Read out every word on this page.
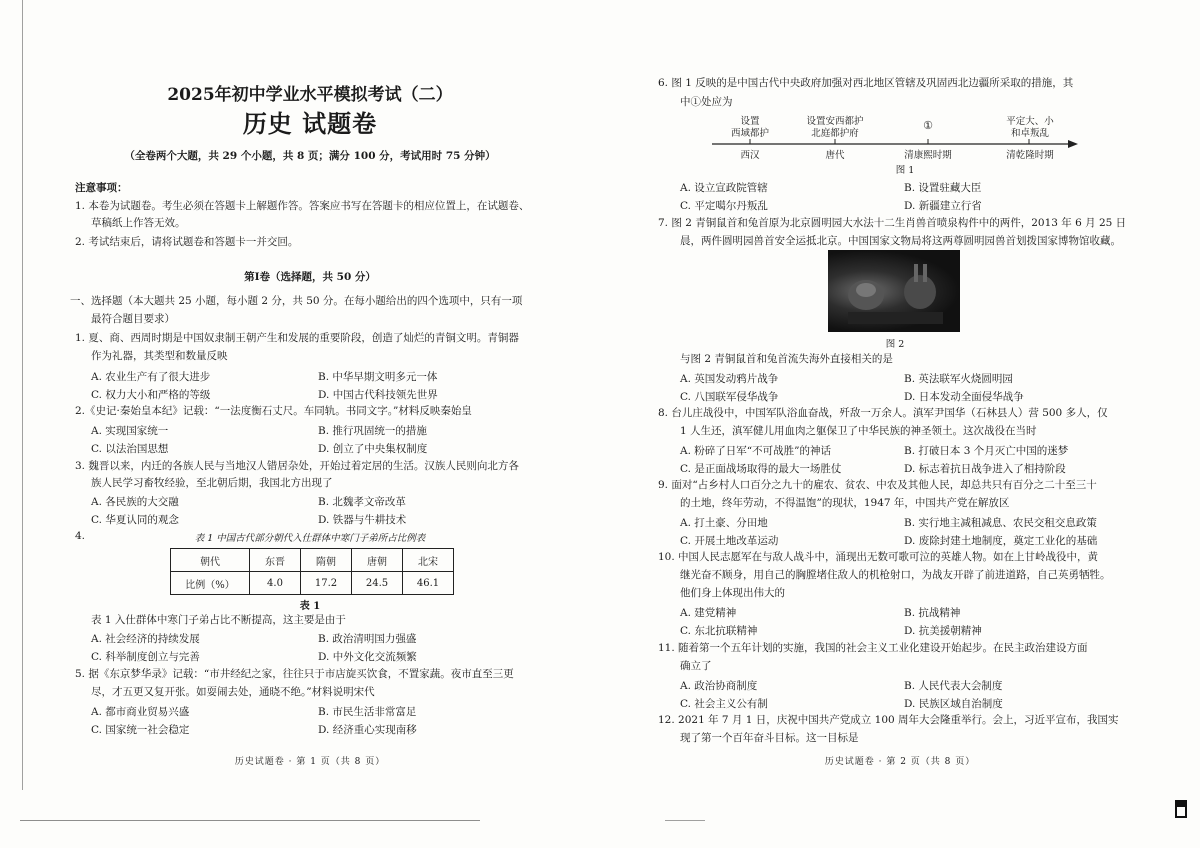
2025年初中学业水平模拟考试（二）
历史 试题卷
（全卷两个大题，共 29 个小题，共 8 页；满分 100 分，考试用时 75 分钟）
注意事项：
1. 本卷为试题卷。考生必须在答题卡上解题作答。答案应书写在答题卡的相应位置上，在试题卷、
草稿纸上作答无效。
2. 考试结束后，请将试题卷和答题卡一并交回。
第Ⅰ卷（选择题，共 50 分）
一、选择题（本大题共 25 小题，每小题 2 分，共 50 分。在每小题给出的四个选项中，只有一项
最符合题目要求）
1. 夏、商、西周时期是中国奴隶制王朝产生和发展的重要阶段，创造了灿烂的青铜文明。青铜器
作为礼器，其类型和数量反映
A. 农业生产有了很大进步	B. 中华早期文明多元一体
C. 权力大小和严格的等级	D. 中国古代科技领先世界
2.《史记·秦始皇本纪》记载：“一法度衡石丈尺。车同轨。书同文字。”材料反映秦始皇
A. 实现国家统一	B. 推行巩固统一的措施
C. 以法治国思想	D. 创立了中央集权制度
3. 魏晋以来，内迁的各族人民与当地汉人错居杂处，开始过着定居的生活。汉族人民则向北方各
族人民学习畜牧经验，至北朝后期，我国北方出现了
A. 各民族的大交融	B. 北魏孝文帝改革
C. 华夏认同的观念	D. 铁器与牛耕技术
4.	表 1 中国古代部分朝代入仕群体中寒门子弟所占比例表
朝代	东晋	隋朝	唐朝	北宋
比例（%）	4.0	17.2	24.5	46.1
表 1
表 1 入仕群体中寒门子弟占比不断提高，这主要是由于
A. 社会经济的持续发展	B. 政治清明国力强盛
C. 科举制度创立与完善	D. 中外文化交流频繁
5. 据《东京梦华录》记载：“市井经纪之家，往往只于市店旋买饮食，不置家蔬。夜市直至三更
尽，才五更又复开张。如耍闹去处，通晓不绝。”材料说明宋代
A. 都市商业贸易兴盛	B. 市民生活非常富足
C. 国家统一社会稳定	D. 经济重心实现南移
历史试题卷 · 第 1 页（共 8 页）
6. 图 1 反映的是中国古代中央政府加强对西北地区管辖及巩固西北边疆所采取的措施，其
中①处应为
设置
西域都护
设置安西都护
北庭都护府
①	平定大、小
和卓叛乱
西汉	唐代	清康熙时期	清乾隆时期
图 1
A. 设立宣政院管辖	B. 设置驻藏大臣
C. 平定噶尔丹叛乱	D. 新疆建立行省
7. 图 2 青铜鼠首和兔首原为北京圆明园大水法十二生肖兽首喷泉构件中的两件，2013 年 6 月 25 日
晨，两件圆明园兽首安全运抵北京。中国国家文物局将这两尊圆明园兽首划拨国家博物馆收藏。
图 2
与图 2 青铜鼠首和兔首流失海外直接相关的是
A. 英国发动鸦片战争	B. 英法联军火烧圆明园
C. 八国联军侵华战争	D. 日本发动全面侵华战争
8. 台儿庄战役中，中国军队浴血奋战，歼敌一万余人。滇军尹国华（石林县人）营 500 多人，仅
1 人生还，滇军健儿用血肉之躯保卫了中华民族的神圣领土。这次战役在当时
A. 粉碎了日军“不可战胜”的神话	B. 打破日本 3 个月灭亡中国的迷梦
C. 是正面战场取得的最大一场胜仗	D. 标志着抗日战争进入了相持阶段
9. 面对“占乡村人口百分之九十的雇农、贫农、中农及其他人民，却总共只有百分之二十至三十
的土地，终年劳动，不得温饱”的现状，1947 年，中国共产党在解放区
A. 打土豪、分田地	B. 实行地主减租减息、农民交租交息政策
C. 开展土地改革运动	D. 废除封建土地制度，奠定工业化的基础
10. 中国人民志愿军在与敌人战斗中，涌现出无数可歌可泣的英雄人物。如在上甘岭战役中，黄
继光奋不顾身，用自己的胸膛堵住敌人的机枪射口，为战友开辟了前进道路，自己英勇牺牲。
他们身上体现出伟大的
A. 建党精神	B. 抗战精神
C. 东北抗联精神	D. 抗美援朝精神
11. 随着第一个五年计划的实施，我国的社会主义工业化建设开始起步。在民主政治建设方面
确立了
A. 政治协商制度	B. 人民代表大会制度
C. 社会主义公有制	D. 民族区域自治制度
12. 2021 年 7 月 1 日，庆祝中国共产党成立 100 周年大会隆重举行。会上，习近平宣布，我国实
现了第一个百年奋斗目标。这一目标是
历史试题卷 · 第 2 页（共 8 页）
